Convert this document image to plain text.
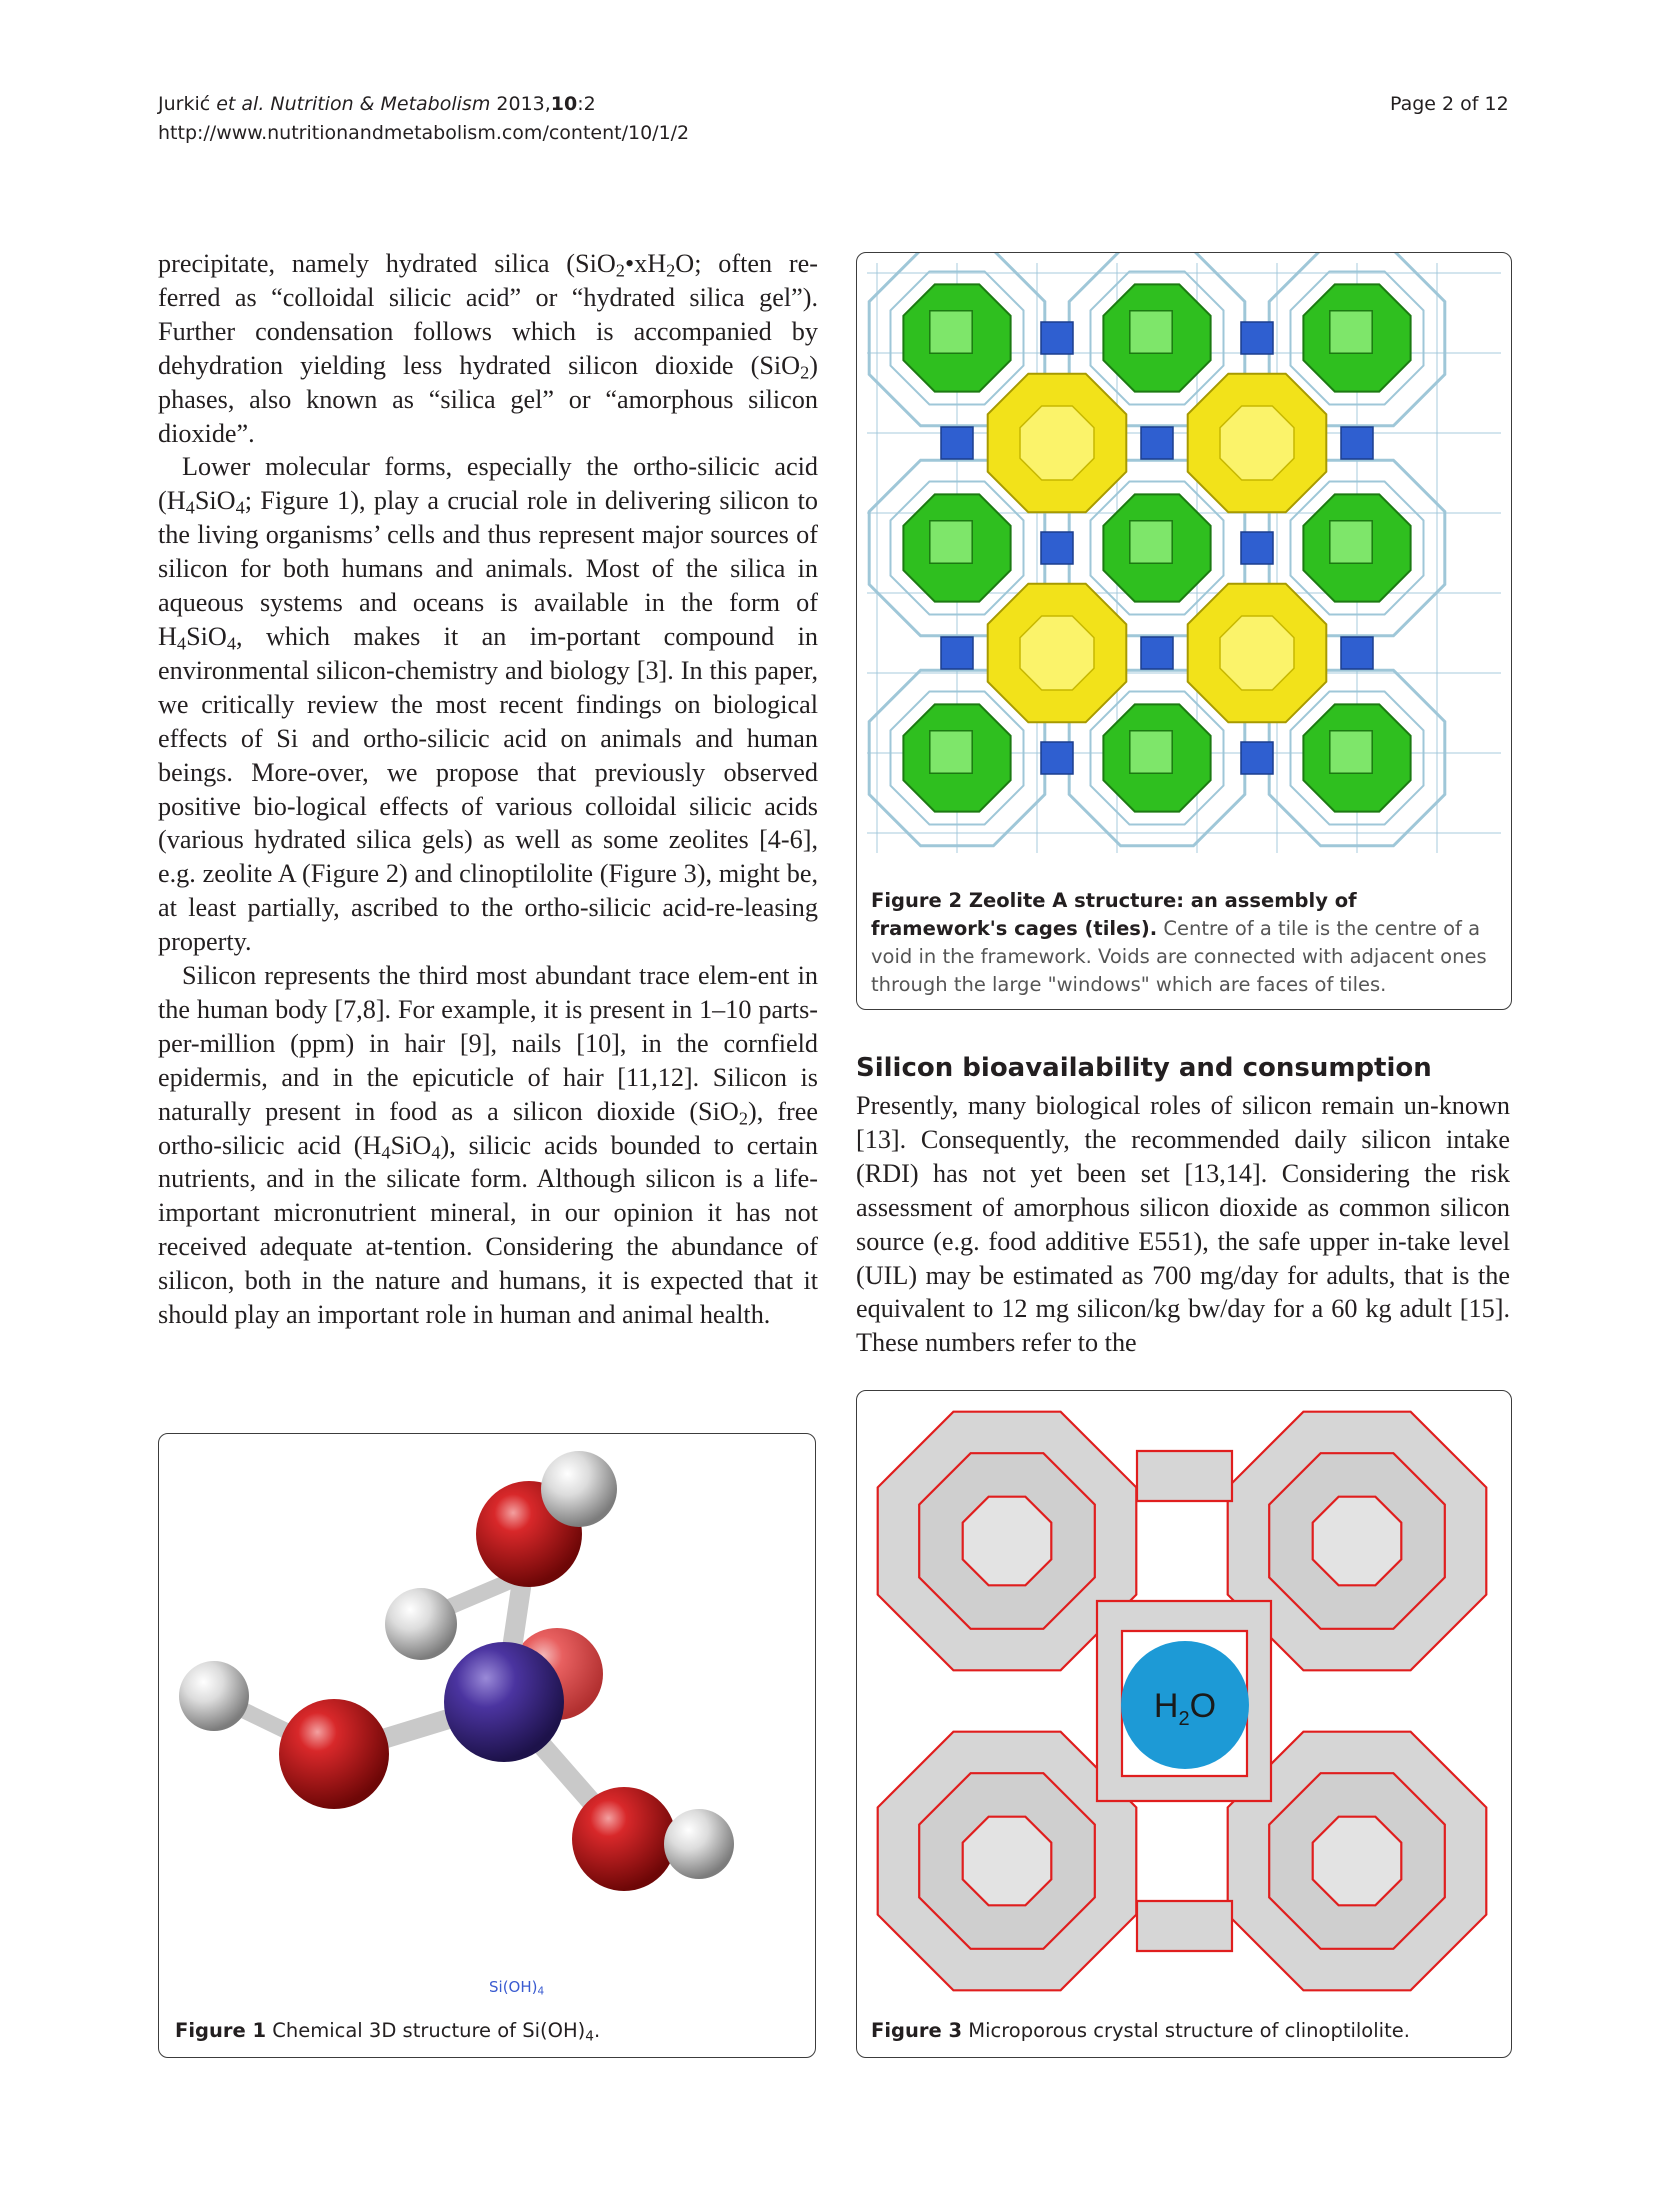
Jurkić et al. Nutrition & Metabolism 2013,10:2
http://www.nutritionandmetabolism.com/content/10/1/2
Page 2 of 12

precipitate, namely hydrated silica ($SiO_2•xH_2O$; often re-ferred as “colloidal silicic acid” or “hydrated silica gel”). Further condensation follows which is accompanied by dehydration yielding less hydrated silicon dioxide (SiO$_2$) phases, also known as “silica gel” or “amorphous silicon dioxide”.

Lower molecular forms, especially the ortho-silicic acid ($H_4SiO_4$; Figure 1), play a crucial role in delivering silicon to the living organisms’ cells and thus represent major sources of silicon for both humans and animals. Most of the silica in aqueous systems and oceans is available in the form of $H_4SiO_4$, which makes it an im-portant compound in environmental silicon-chemistry and biology [3]. In this paper, we critically review the most recent findings on biological effects of Si and ortho-silicic acid on animals and human beings. More-over, we propose that previously observed positive bio-logical effects of various colloidal silicic acids (various hydrated silica gels) as well as some zeolites [4-6], e.g. zeolite A (Figure 2) and clinoptilolite (Figure 3), might be, at least partially, ascribed to the ortho-silicic acid-re-leasing property.

Silicon represents the third most abundant trace elem-ent in the human body [7,8]. For example, it is present in 1–10 parts-per-million (ppm) in hair [9], nails [10], in the cornfield epidermis, and in the epicuticle of hair [11,12]. Silicon is naturally present in food as a silicon dioxide (SiO$_2$), free ortho-silicic acid $(H_4SiO_4)$, silicic acids bounded to certain nutrients, and in the silicate form. Although silicon is a life-important micronutrient mineral, in our opinion it has not received adequate at-tention. Considering the abundance of silicon, both in the nature and humans, it is expected that it should play an important role in human and animal health.

Figure 2 Zeolite A structure: an assembly of framework's cages (tiles). Centre of a tile is the centre of a void in the framework. Voids are connected with adjacent ones through the large "windows" which are faces of tiles.
Silicon bioavailability and consumption

Presently, many biological roles of silicon remain un-known [13]. Consequently, the recommended daily silicon intake (RDI) has not yet been set [13,14]. Considering the risk assessment of amorphous silicon dioxide as common silicon source (e.g. food additive E551), the safe upper in-take level (UIL) may be estimated as 700 mg/day for adults, that is the equivalent to 12 mg silicon/kg bw/day for a 60 kg adult [15]. These numbers refer to the

$Si(OH)_4$
Figure 1 Chemical 3D structure of $Si(OH)_4$.
$H_2O$
Figure 3 Microporous crystal structure of clinoptilolite.
